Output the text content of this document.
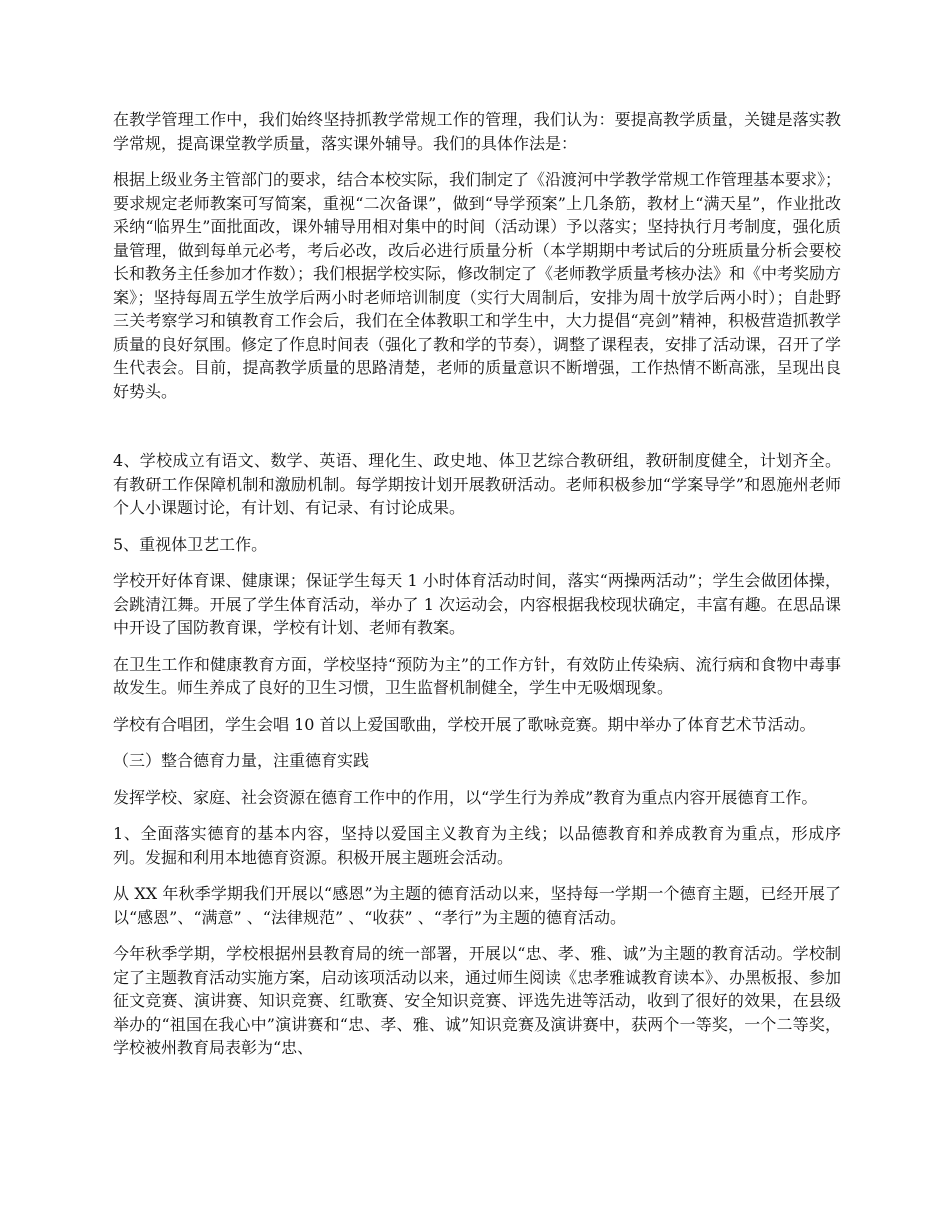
在教学管理工作中，我们始终坚持抓教学常规工作的管理，我们认为：要提高教学质量，关键是落实教学常规，提高课堂教学质量，落实课外辅导。我们的具体作法是：

根据上级业务主管部门的要求，结合本校实际，我们制定了《沿渡河中学教学常规工作管理基本要求》；要求规定老师教案可写简案，重视“二次备课”，做到“导学预案”上几条筋，教材上“满天星”，作业批改采纳“临界生”面批面改，课外辅导用相对集中的时间（活动课）予以落实；坚持执行月考制度，强化质量管理，做到每单元必考，考后必改，改后必进行质量分析（本学期期中考试后的分班质量分析会要校长和教务主任参加才作数）；我们根据学校实际，修改制定了《老师教学质量考核办法》和《中考奖励方案》；坚持每周五学生放学后两小时老师培训制度（实行大周制后，安排为周十放学后两小时）；自赴野三关考察学习和镇教育工作会后，我们在全体教职工和学生中，大力提倡“亮剑”精神，积极营造抓教学质量的良好氛围。修定了作息时间表（强化了教和学的节奏），调整了课程表，安排了活动课，召开了学生代表会。目前，提高教学质量的思路清楚，老师的质量意识不断增强，工作热情不断高涨，呈现出良好势头。

4、学校成立有语文、数学、英语、理化生、政史地、体卫艺综合教研组，教研制度健全，计划齐全。有教研工作保障机制和激励机制。每学期按计划开展教研活动。老师积极参加“学案导学”和恩施州老师个人小课题讨论，有计划、有记录、有讨论成果。

5、重视体卫艺工作。

学校开好体育课、健康课；保证学生每天 1 小时体育活动时间，落实“两操两活动”；学生会做团体操，会跳清江舞。开展了学生体育活动，举办了 1 次运动会，内容根据我校现状确定，丰富有趣。在思品课中开设了国防教育课，学校有计划、老师有教案。

在卫生工作和健康教育方面，学校坚持“预防为主”的工作方针，有效防止传染病、流行病和食物中毒事故发生。师生养成了良好的卫生习惯，卫生监督机制健全，学生中无吸烟现象。

学校有合唱团，学生会唱 10 首以上爱国歌曲，学校开展了歌咏竞赛。期中举办了体育艺术节活动。

（三）整合德育力量，注重德育实践

发挥学校、家庭、社会资源在德育工作中的作用，以“学生行为养成”教育为重点内容开展德育工作。

1、全面落实德育的基本内容，坚持以爱国主义教育为主线；以品德教育和养成教育为重点，形成序列。发掘和利用本地德育资源。积极开展主题班会活动。

从 XX 年秋季学期我们开展以“感恩”为主题的德育活动以来，坚持每一学期一个德育主题，已经开展了以“感恩”、“满意” 、“法律规范” 、“收获” 、“孝行”为主题的德育活动。

今年秋季学期，学校根据州县教育局的统一部署，开展以“忠、孝、雅、诚”为主题的教育活动。学校制定了主题教育活动实施方案，启动该项活动以来，通过师生阅读《忠孝雅诚教育读本》、办黑板报、参加征文竞赛、演讲赛、知识竞赛、红歌赛、安全知识竞赛、评选先进等活动，收到了很好的效果，在县级举办的“祖国在我心中”演讲赛和“忠、孝、雅、诚”知识竞赛及演讲赛中，获两个一等奖，一个二等奖，学校被州教育局表彰为“忠、
